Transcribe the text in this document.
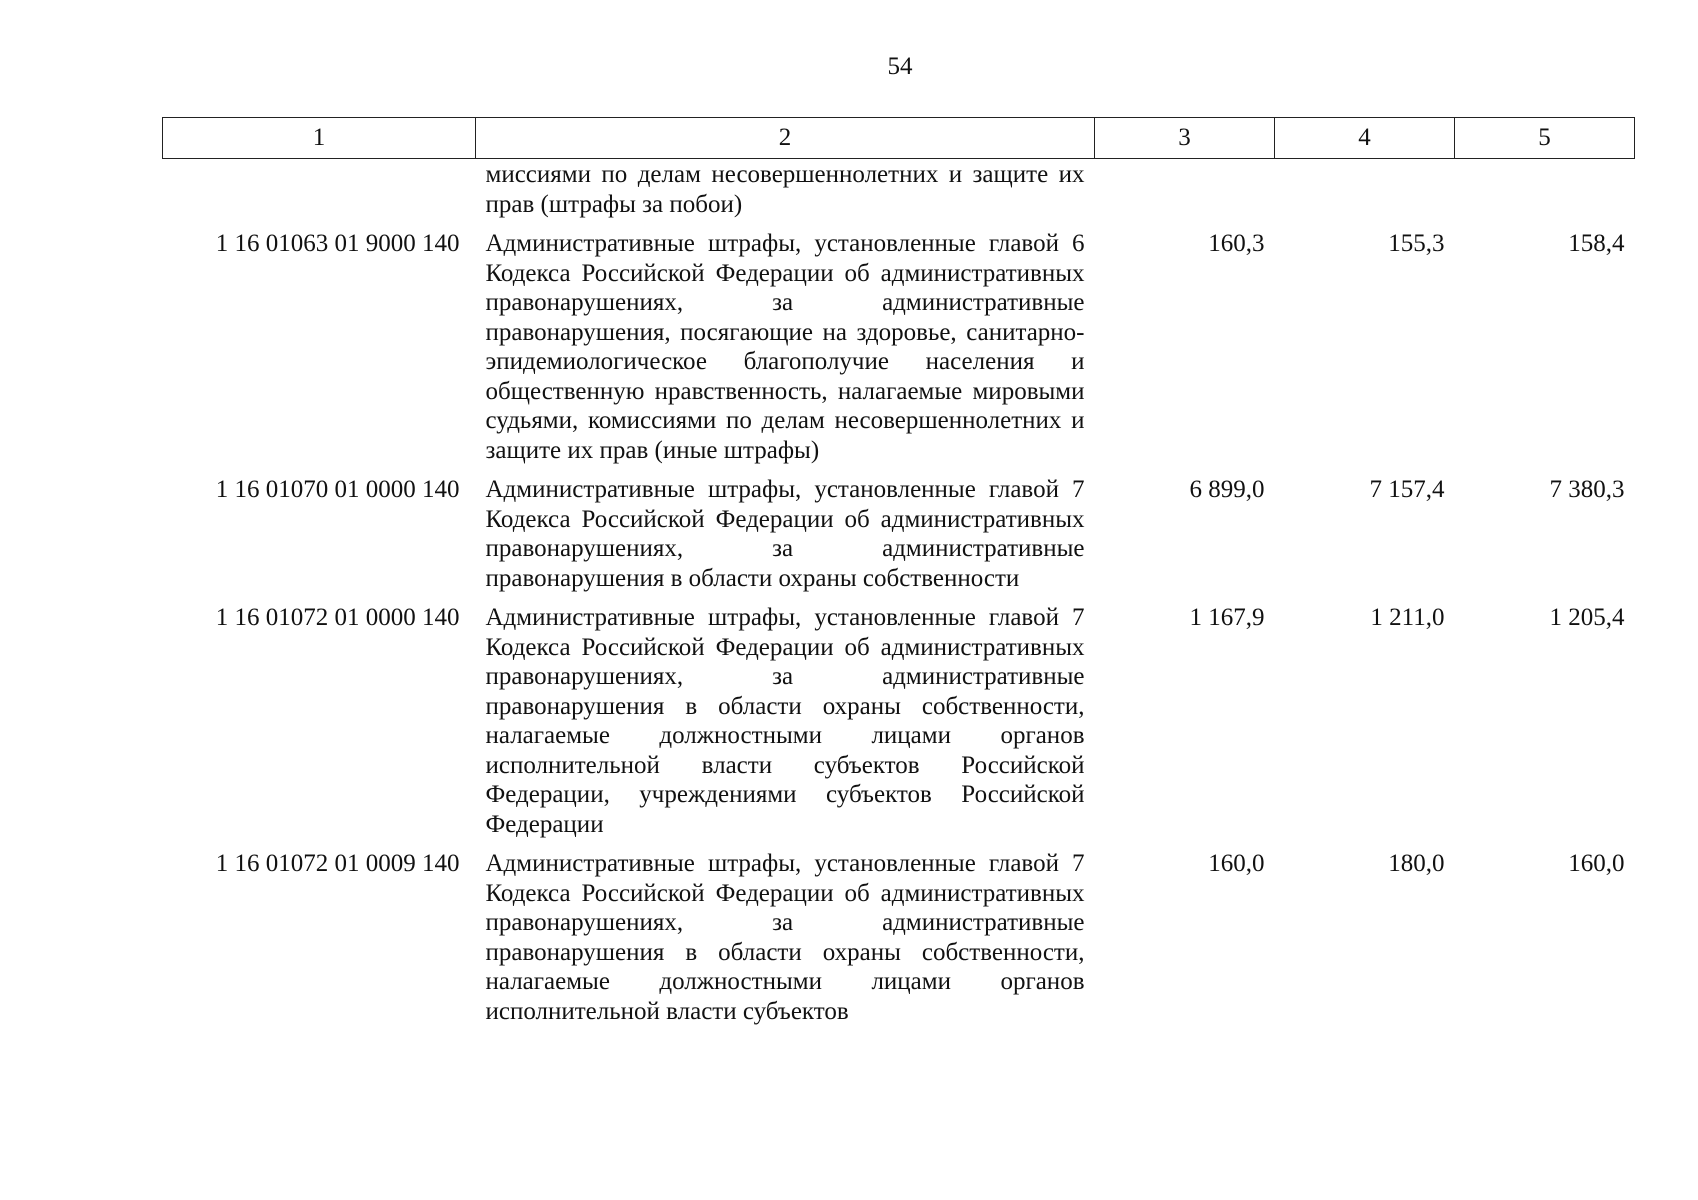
54
1	2	3	4	5
	миссиями по делам несовершеннолетних и защите их прав (штрафы за побои)			
1 16 01063 01 9000 140	Административные штрафы, установленные главой 6 Кодекса Российской Федерации об административных правонарушениях, за административные правонарушения, посягающие на здоровье, санитарно-эпидемиологическое благополучие населения и общественную нравственность, налагаемые мировыми судьями, комиссиями по делам несовершеннолетних и защите их прав (иные штрафы)	160,3	155,3	158,4
1 16 01070 01 0000 140	Административные штрафы, установленные главой 7 Кодекса Российской Федерации об административных правонарушениях, за административные правонарушения в области охраны собственности	6 899,0	7 157,4	7 380,3
1 16 01072 01 0000 140	Административные штрафы, установленные главой 7 Кодекса Российской Федерации об административных правонарушениях, за административные правонарушения в области охраны собственности, налагаемые должностными лицами органов исполнительной власти субъектов Российской Федерации, учреждениями субъектов Российской Федерации	1 167,9	1 211,0	1 205,4
1 16 01072 01 0009 140	Административные штрафы, установленные главой 7 Кодекса Российской Федерации об административных правонарушениях, за административные правонарушения в области охраны собственности, налагаемые должностными лицами органов исполнительной власти субъектов	160,0	180,0	160,0
